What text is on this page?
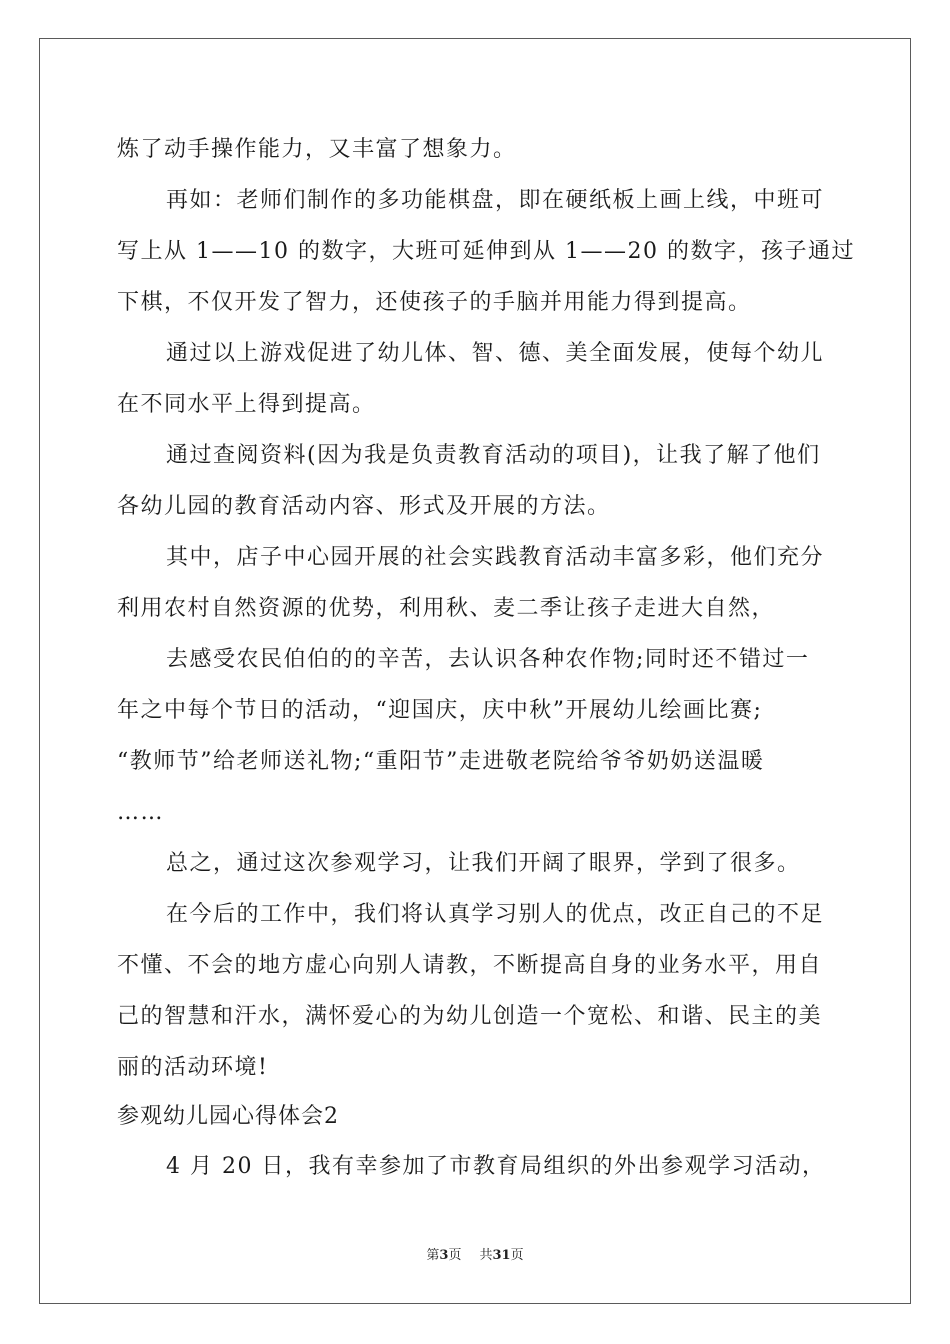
炼了动手操作能力，又丰富了想象力。
再如：老师们制作的多功能棋盘，即在硬纸板上画上线，中班可
写上从 1——10 的数字，大班可延伸到从 1——20 的数字，孩子通过
下棋，不仅开发了智力，还使孩子的手脑并用能力得到提高。
通过以上游戏促进了幼儿体、智、德、美全面发展，使每个幼儿
在不同水平上得到提高。
通过查阅资料(因为我是负责教育活动的项目)，让我了解了他们
各幼儿园的教育活动内容、形式及开展的方法。
其中，店子中心园开展的社会实践教育活动丰富多彩，他们充分
利用农村自然资源的优势，利用秋、麦二季让孩子走进大自然，
去感受农民伯伯的的辛苦，去认识各种农作物;同时还不错过一
年之中每个节日的活动，“迎国庆，庆中秋”开展幼儿绘画比赛;
“教师节”给老师送礼物;“重阳节”走进敬老院给爷爷奶奶送温暖
……
总之，通过这次参观学习，让我们开阔了眼界，学到了很多。
在今后的工作中，我们将认真学习别人的优点，改正自己的不足
不懂、不会的地方虚心向别人请教，不断提高自身的业务水平，用自
己的智慧和汗水，满怀爱心的为幼儿创造一个宽松、和谐、民主的美
丽的活动环境!
参观幼儿园心得体会2
4 月 20 日，我有幸参加了市教育局组织的外出参观学习活动，
第3页 共31页
